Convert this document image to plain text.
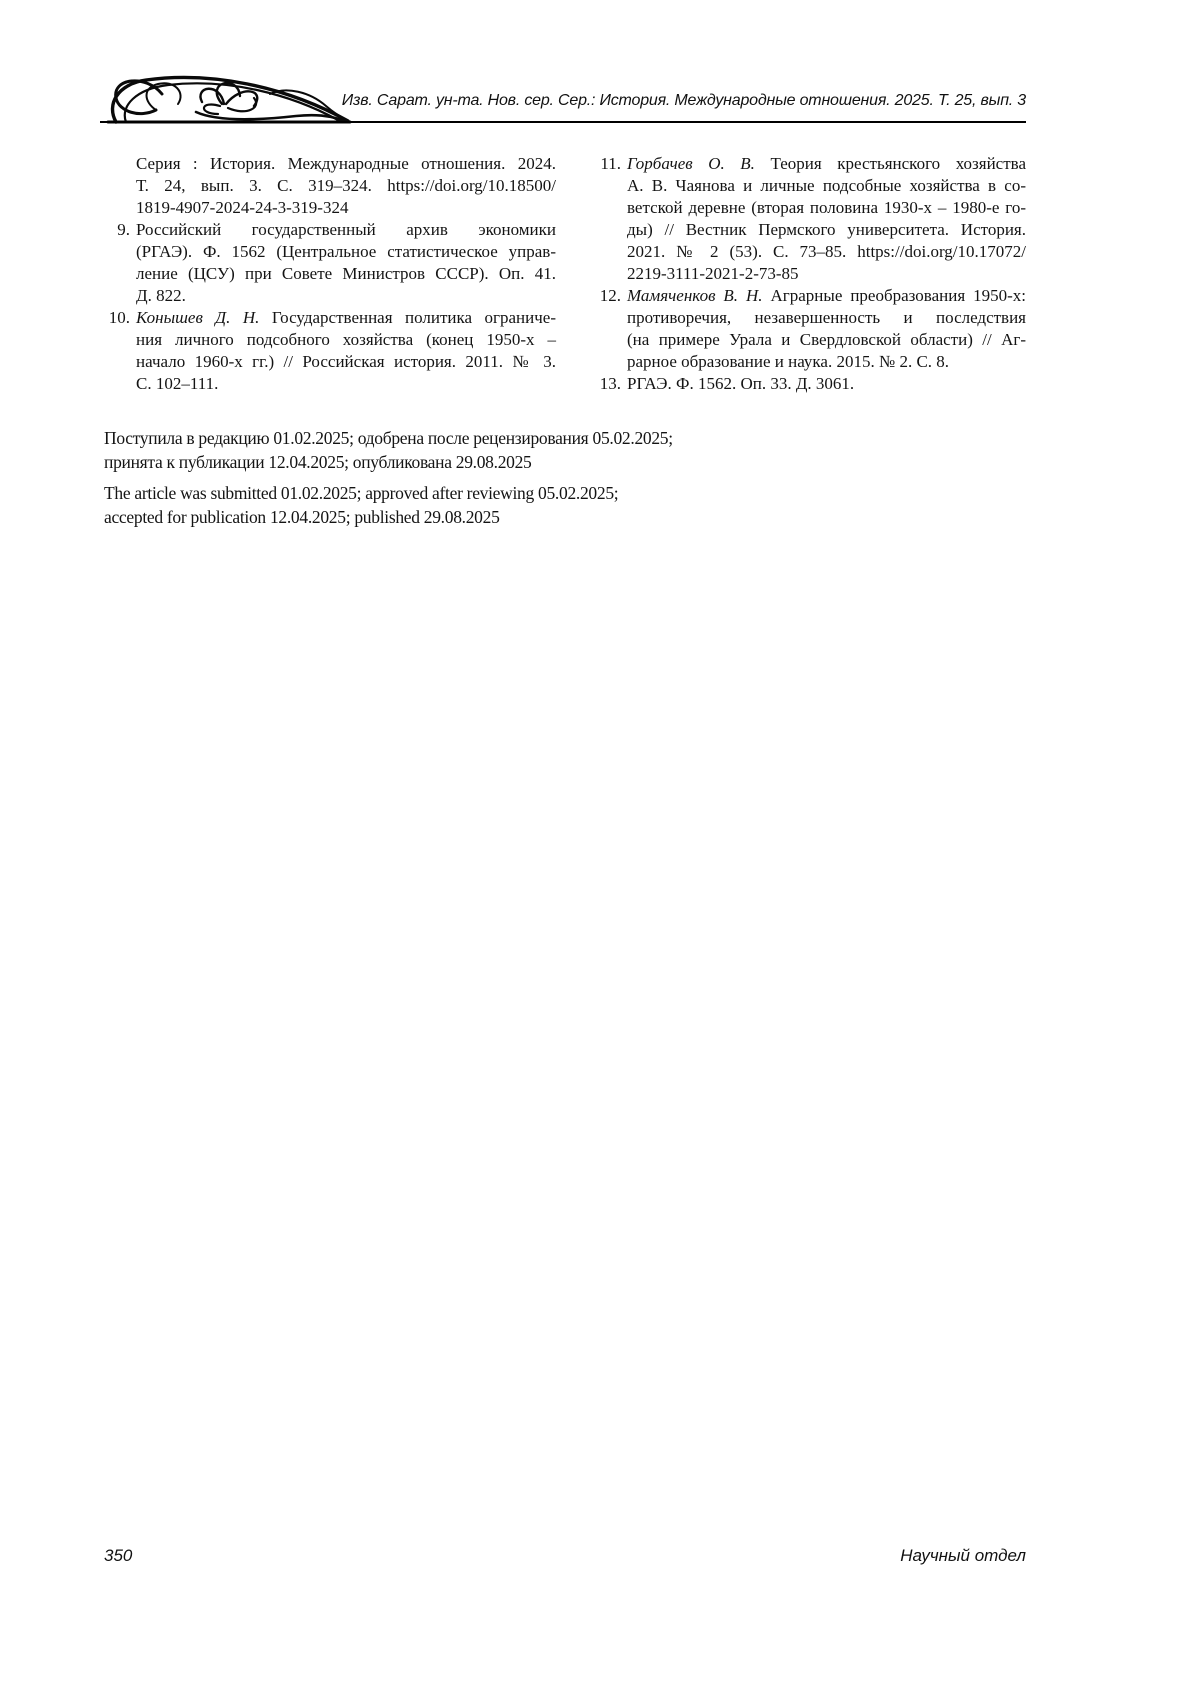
Изв. Сарат. ун-та. Нов. сер. Сер.: История. Международные отношения. 2025. Т. 25, вып. 3
Серия : История. Международные отношения. 2024.
Т. 24, вып. 3. С. 319–324. https://doi.org/10.18500/
1819-4907-2024-24-3-319-324
9. Российский государственный архив экономики
(РГАЭ). Ф. 1562 (Центральное статистическое управ-
ление (ЦСУ) при Совете Министров СССР). Оп. 41.
Д. 822.
10. Конышев Д. Н. Государственная политика ограниче-
ния личного подсобного хозяйства (конец 1950-х –
начало 1960-х гг.) // Российская история. 2011. № 3.
С. 102–111.
11. Горбачев О. В. Теория крестьянского хозяйства
А. В. Чаянова и личные подсобные хозяйства в со-
ветской деревне (вторая половина 1930-х – 1980-е го-
ды) // Вестник Пермского университета. История.
2021. № 2 (53). С. 73–85. https://doi.org/10.17072/
2219-3111-2021-2-73-85
12. Мамяченков В. Н. Аграрные преобразования 1950-х:
противоречия, незавершенность и последствия
(на примере Урала и Свердловской области) // Аг-
рарное образование и наука. 2015. № 2. С. 8.
13. РГАЭ. Ф. 1562. Оп. 33. Д. 3061.
Поступила в редакцию 01.02.2025; одобрена после рецензирования 05.02.2025;
принята к публикации 12.04.2025; опубликована 29.08.2025
The article was submitted 01.02.2025; approved after reviewing 05.02.2025;
accepted for publication 12.04.2025; published 29.08.2025
350	Научный отдел
